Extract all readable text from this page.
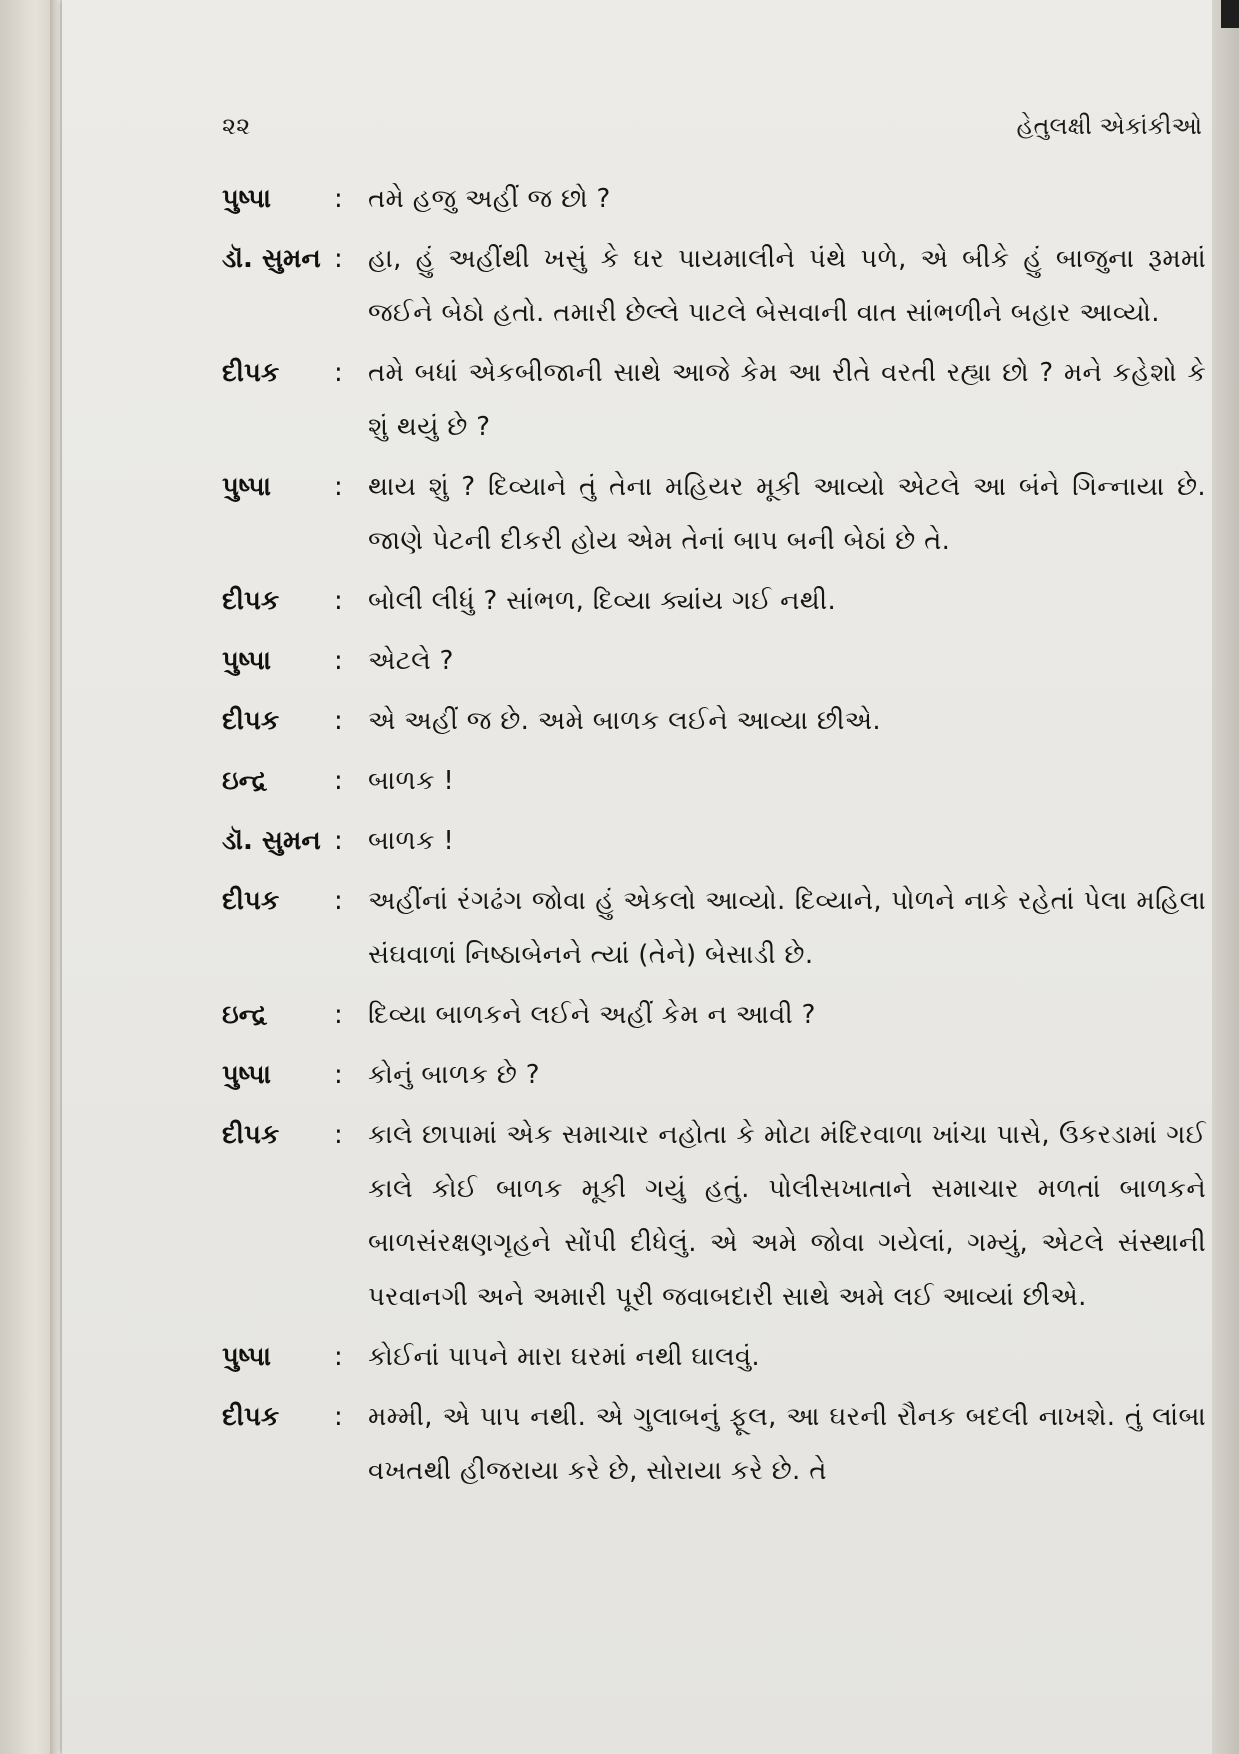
૨૨	હેતુલક્ષી એકાંકીઓ
પુષ્પા	: તમે હજુ અહીં જ છો ?
ડૉ. સુમન : હા, હું અહીંથી ખસું કે ઘર પાયમાલીને પંથે પળે, એ બીકે હું બાજુના રૂમમાં જઈને બેઠો હતો. તમારી છેલ્લે પાટલે બેસવાની વાત સાંભળીને બહાર આવ્યો.
દીપક	: તમે બધાં એકબીજાની સાથે આજે કેમ આ રીતે વરતી રહ્યા છો ? મને કહેશો કે શું થયું છે ?
પુષ્પા	: થાય શું ? દિવ્યાને તું તેના મહિયર મૂકી આવ્યો એટલે આ બંને ગિન્નાયા છે. જાણે પેટની દીકરી હોય એમ તેનાં બાપ બની બેઠાં છે તે.
દીપક	: બોલી લીધું ? સાંભળ, દિવ્યા ક્યાંય ગઈ નથી.
પુષ્પા	: એટલે ?
દીપક	: એ અહીં જ છે. અમે બાળક લઈને આવ્યા છીએ.
ઇન્દ્ર	: બાળક !
ડૉ. સુમન : બાળક !
દીપક	: અહીંનાં રંગઢંગ જોવા હું એકલો આવ્યો. દિવ્યાને, પોળને નાકે રહેતાં પેલા મહિલા સંઘવાળાં નિષ્ઠાબેનને ત્યાં (તેને) બેસાડી છે.
ઇન્દ્ર	: દિવ્યા બાળકને લઈને અહીં કેમ ન આવી ?
પુષ્પા	: કોનું બાળક છે ?
દીપક	: કાલે છાપામાં એક સમાચાર નહોતા કે મોટા મંદિરવાળા ખાંચા પાસે, ઉકરડામાં ગઈ કાલે કોઈ બાળક મૂકી ગયું હતું. પોલીસખાતાને સમાચાર મળતાં બાળકને બાળસંરક્ષણગૃહને સોંપી દીધેલું. એ અમે જોવા ગયેલાં, ગમ્યું, એટલે સંસ્થાની પરવાનગી અને અમારી પૂરી જવાબદારી સાથે અમે લઈ આવ્યાં છીએ.
પુષ્પા	: કોઈનાં પાપને મારા ઘરમાં નથી ઘાલવું.
દીપક	: મમ્મી, એ પાપ નથી. એ ગુલાબનું ફૂલ, આ ઘરની રૌનક બદલી નાખશે. તું લાંબા વખતથી હીજરાયા કરે છે, સોરાયા કરે છે. તે
